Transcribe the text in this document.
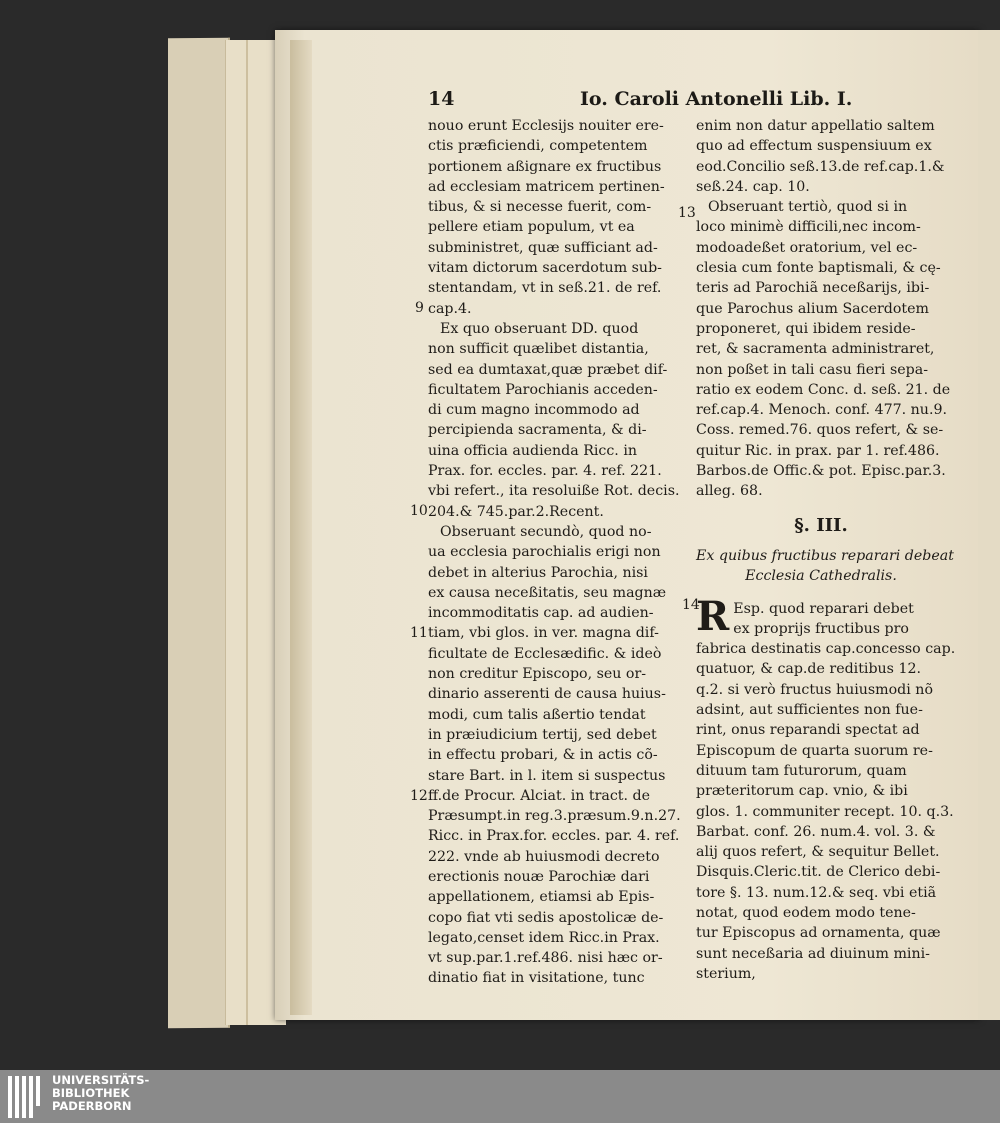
14	Io. Caroli Antonelli Lib. I.

nouo erunt Ecclesijs nouiter ere-

ctis præficiendi, competentem

portionem aßignare ex fructibus

ad ecclesiam matricem pertinen-

tibus, & si necesse fuerit, com-

pellere etiam populum, vt ea

subministret, quæ sufficiant ad-

vitam dictorum sacerdotum sub-

stentandam, vt in seß.21. de ref.

cap.4.

Ex quo obseruant DD. quod

non sufficit quælibet distantia,

sed ea dumtaxat,quæ præbet dif-

ficultatem Parochianis acceden-

di cum magno incommodo ad

percipienda sacramenta, & di-

uina officia audienda Ricc. in

Prax. for. eccles. par. 4. ref. 221.

vbi refert., ita resoluiße Rot. decis.

204.& 745.par.2.Recent.

Obseruant secundò, quod no-

ua ecclesia parochialis erigi non

debet in alterius Parochia, nisi

ex causa neceßitatis, seu magnæ

incommoditatis cap. ad audien-

tiam, vbi glos. in ver. magna dif-

ficultate de Ecclesædific. & ideò

non creditur Episcopo, seu or-

dinario asserenti de causa huius-

modi, cum talis aßertio tendat

in præiudicium tertij, sed debet

in effectu probari, & in actis cõ-

stare Bart. in l. item si suspectus

ff.de Procur. Alciat. in tract. de

Præsumpt.in reg.3.præsum.9.n.27.

Ricc. in Prax.for. eccles. par. 4. ref.

222. vnde ab huiusmodi decreto

erectionis nouæ Parochiæ dari

appellationem, etiamsi ab Epis-

copo fiat vti sedis apostolicæ de-

legato,censet idem Ricc.in Prax.

vt sup.par.1.ref.486. nisi hæc or-

dinatio fiat in visitatione, tunc

enim non datur appellatio saltem

quo ad effectum suspensiuum ex

eod.Concilio seß.13.de ref.cap.1.&

seß.24. cap. 10.

Obseruant tertiò, quod si in

loco minimè difficili,nec incom-

modoadeßet oratorium, vel ec-

clesia cum fonte baptismali, & cę-

teris ad Parochiã neceßarijs, ibi-

que Parochus alium Sacerdotem

proponeret, qui ibidem reside-

ret, & sacramenta administraret,

non poßet in tali casu fieri sepa-

ratio ex eodem Conc. d. seß. 21. de

ref.cap.4. Menoch. conf. 477. nu.9.

Coss. remed.76. quos refert, & se-

quitur Ric. in prax. par 1. ref.486.

Barbos.de Offic.& pot. Episc.par.3.

alleg. 68.

§. III.

Ex quibus fructibus reparari debeat

Ecclesia Cathedralis.

R Esp. quod reparari debet

ex proprijs fructibus pro

fabrica destinatis cap.concesso cap.

quatuor, & cap.de reditibus 12.

q.2. si verò fructus huiusmodi nõ

adsint, aut sufficientes non fue-

rint, onus reparandi spectat ad

Episcopum de quarta suorum re-

dituum tam futurorum, quam

præteritorum cap. vnio, & ibi

glos. 1. communiter recept. 10. q.3.

Barbat. conf. 26. num.4. vol. 3. &

alij quos refert, & sequitur Bellet.

Disquis.Cleric.tit. de Clerico debi-

tore §. 13. num.12.& seq. vbi etiã

notat, quod eodem modo tene-

tur Episcopus ad ornamenta, quæ

sunt neceßaria ad diuinum mini-

sterium,

9
10
11
12
13
14
UNIVERSITÄTS-
BIBLIOTHEK
PADERBORN
